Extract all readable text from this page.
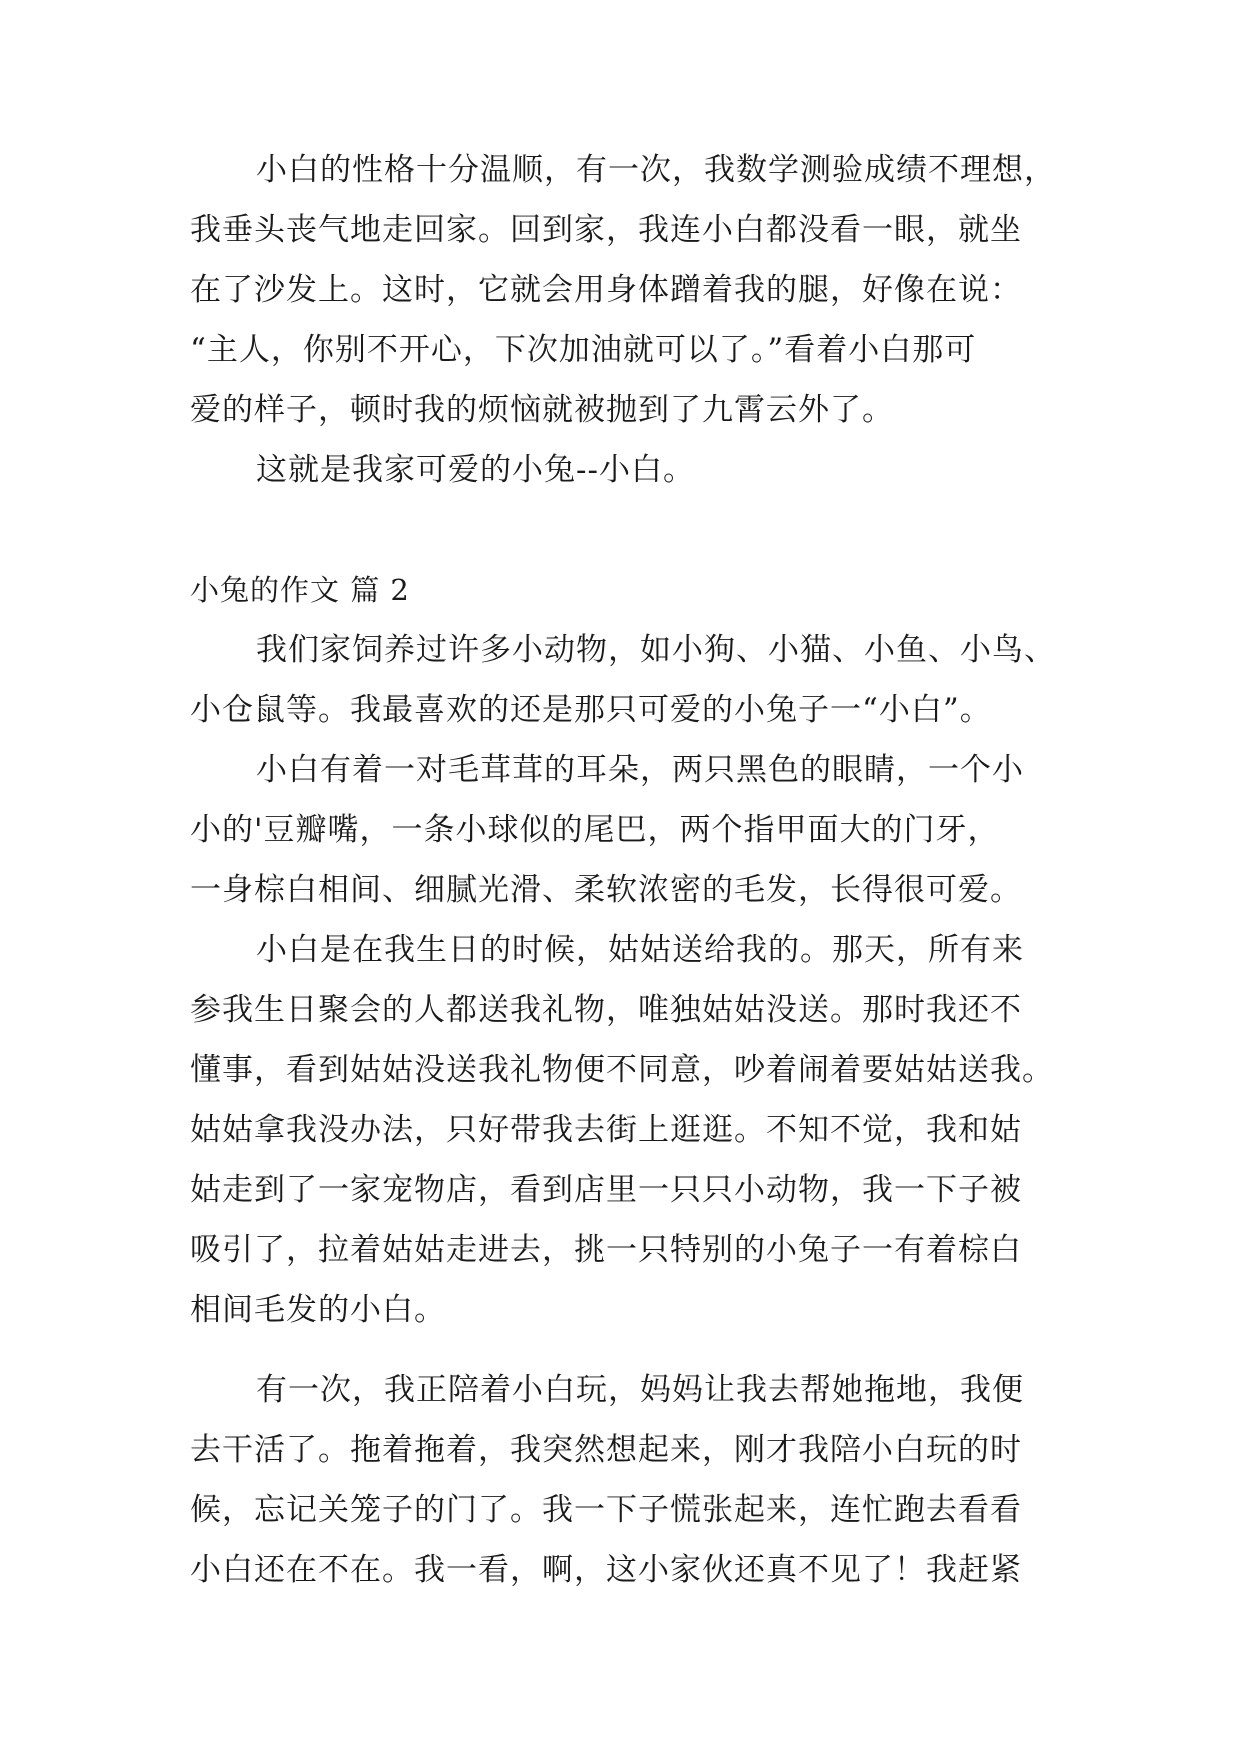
小白的性格十分温顺，有一次，我数学测验成绩不理想，
我垂头丧气地走回家。回到家，我连小白都没看一眼，就坐
在了沙发上。这时，它就会用身体蹭着我的腿，好像在说：
“主人，你别不开心，下次加油就可以了。”看着小白那可
爱的样子，顿时我的烦恼就被抛到了九霄云外了。
这就是我家可爱的小兔--小白。
小兔的作文 篇 2
我们家饲养过许多小动物，如小狗、小猫、小鱼、小鸟、
小仓鼠等。我最喜欢的还是那只可爱的小兔子一“小白”。
小白有着一对毛茸茸的耳朵，两只黑色的眼睛，一个小
小的'豆瓣嘴，一条小球似的尾巴，两个指甲面大的门牙，
一身棕白相间、细腻光滑、柔软浓密的毛发，长得很可爱。
小白是在我生日的时候，姑姑送给我的。那天，所有来
参我生日聚会的人都送我礼物，唯独姑姑没送。那时我还不
懂事，看到姑姑没送我礼物便不同意，吵着闹着要姑姑送我。
姑姑拿我没办法，只好带我去街上逛逛。不知不觉，我和姑
姑走到了一家宠物店，看到店里一只只小动物，我一下子被
吸引了，拉着姑姑走进去，挑一只特别的小兔子一有着棕白
相间毛发的小白。
有一次，我正陪着小白玩，妈妈让我去帮她拖地，我便
去干活了。拖着拖着，我突然想起来，刚才我陪小白玩的时
候，忘记关笼子的门了。我一下子慌张起来，连忙跑去看看
小白还在不在。我一看，啊，这小家伙还真不见了！我赶紧
